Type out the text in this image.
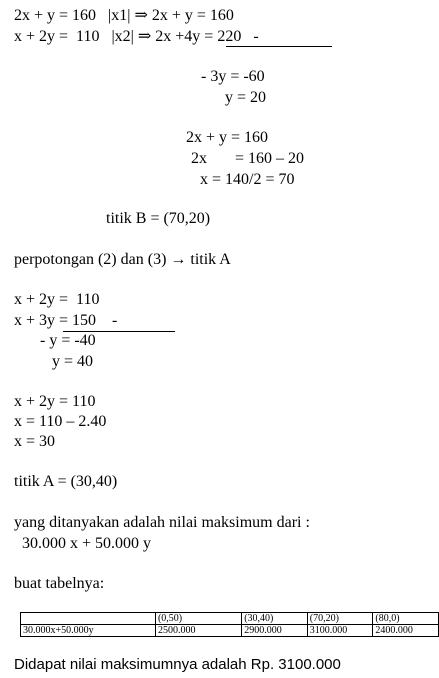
2x + y = 160   |x1| ⇒ 2x + y = 160
x + 2y =  110   |x2| ⇒ 2x +4y = 220   -
- 3y = -60
y = 20
2x + y = 160
2x       = 160 – 20
x = 140/2 = 70
titik B = (70,20)
perpotongan (2) dan (3) → titik A
x + 2y =  110
x + 3y = 150    -
- y = -40
y = 40
x + 2y = 110
x = 110 – 2.40
x = 30
titik A = (30,40)
yang ditanyakan adalah nilai maksimum dari :
30.000 x + 50.000 y
buat tabelnya:
	(0,50)	(30,40)	(70,20)	(80,0)
30.000x+50.000y	2500.000	2900.000	3100.000	2400.000
Didapat nilai maksimumnya adalah Rp. 3100.000
